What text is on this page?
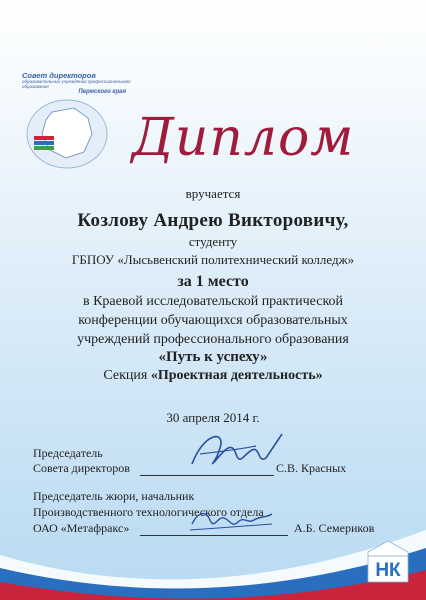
Совет директоров
образовательных учреждений профессионального образования
Пермского края
Диплом
вручается
Козлову Андрею Викторовичу,
студенту
ГБПОУ «Лысьвенский политехнический колледж»
за 1 место
в Краевой исследовательской практической
конференции обучающихся образовательных
учреждений профессионального образования
«Путь к успеху»
Секция «Проектная деятельность»
30 апреля 2014 г.
Председатель
Совета директоров	С.В. Красных
Председатель жюри, начальник
Производственного технологического отдела
ОАО «Метафракс»	А.Б. Семериков
НК
